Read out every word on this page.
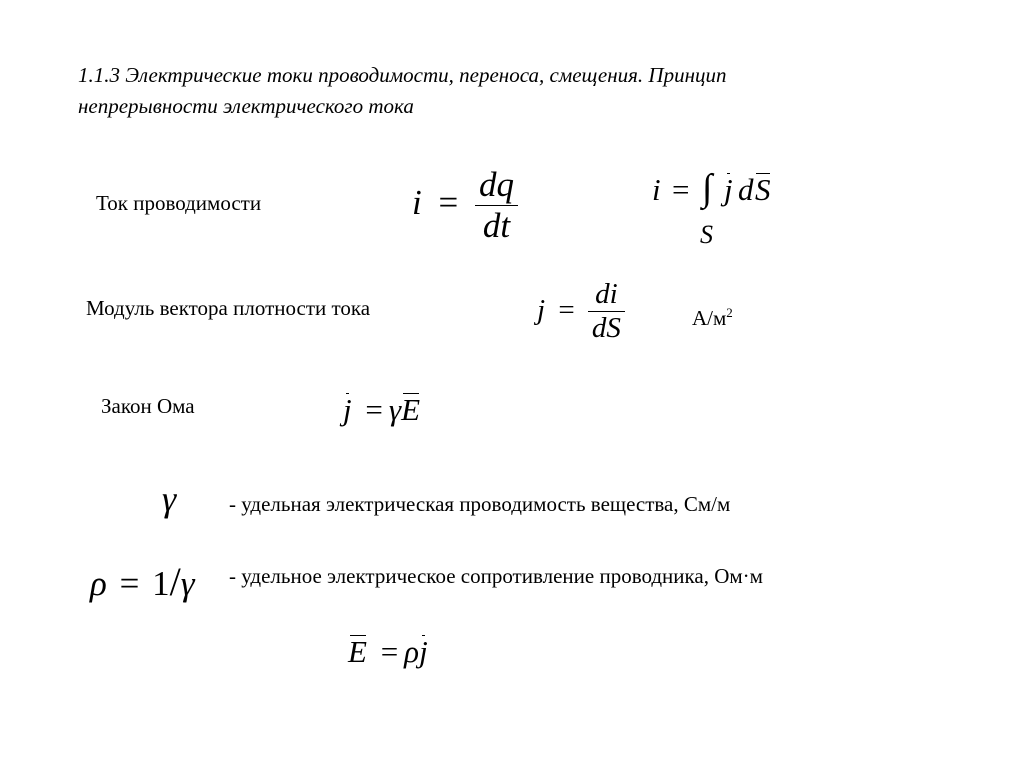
1.1.3 Электрические токи проводимости, переноса, смещения. Принцип
непрерывности электрического тока
Ток проводимости	$i = \frac{dq}{dt}$	i = ∫ j d S
S
Модуль вектора плотности тока	$j = \frac{di}{dS}$	$А/м^2$
Закон Ома	j = γE
γ	- удельная электрическая проводимость вещества, См/м
ρ = 1/γ - удельное электрическое сопротивление проводника, Ом·м
E = ρj
